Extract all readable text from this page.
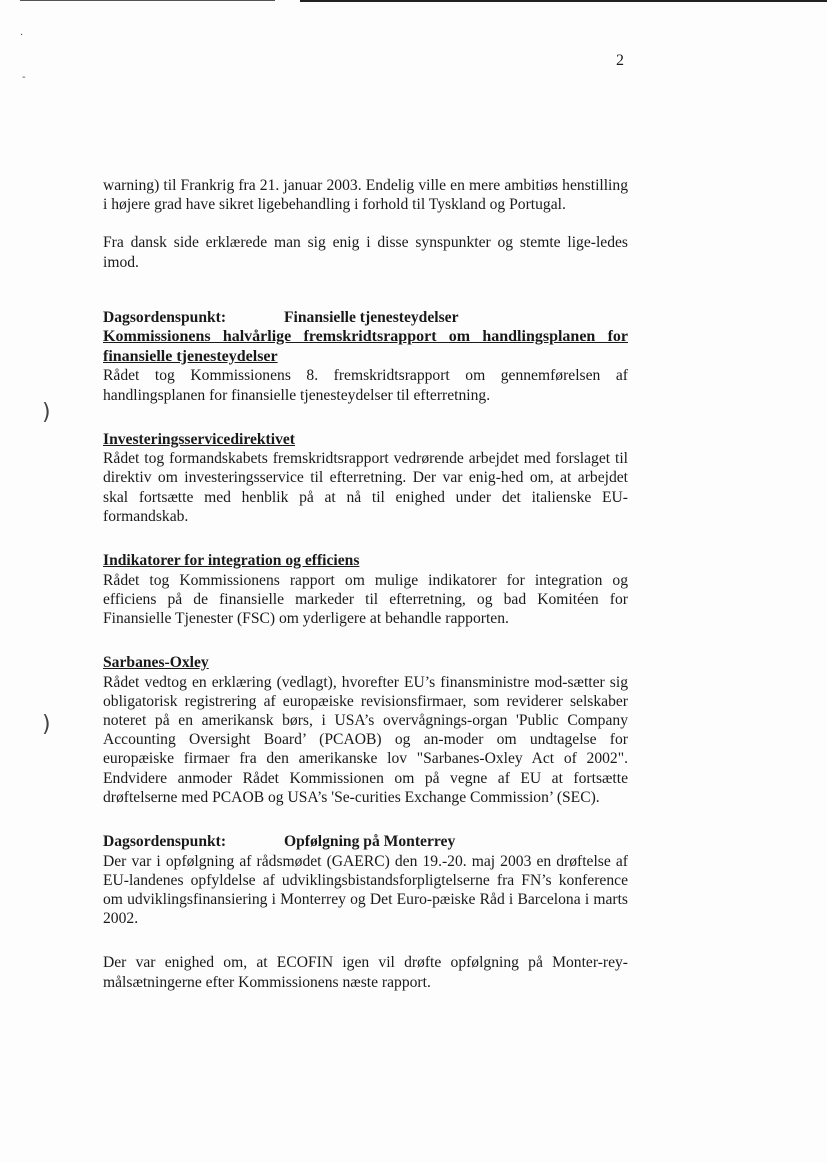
·
-
)
)
2

warning) til Frankrig fra 21. januar 2003. Endelig ville en mere ambitiøs henstilling i højere grad have sikret ligebehandling i forhold til Tyskland og Portugal.

Fra dansk side erklærede man sig enig i disse synspunkter og stemte lige-ledes imod.

Dagsordenspunkt:	Finansielle tjenesteydelser

Kommissionens halvårlige fremskridtsrapport om handlingsplanen for finansielle tjenesteydelser

Rådet tog Kommissionens 8. fremskridtsrapport om gennemførelsen af handlingsplanen for finansielle tjenesteydelser til efterretning.

Investeringsservicedirektivet

Rådet tog formandskabets fremskridtsrapport vedrørende arbejdet med forslaget til direktiv om investeringsservice til efterretning. Der var enig-hed om, at arbejdet skal fortsætte med henblik på at nå til enighed under det italienske EU-formandskab.

Indikatorer for integration og efficiens

Rådet tog Kommissionens rapport om mulige indikatorer for integration og efficiens på de finansielle markeder til efterretning, og bad Komitéen for Finansielle Tjenester (FSC) om yderligere at behandle rapporten.

Sarbanes-Oxley

Rådet vedtog en erklæring (vedlagt), hvorefter EU’s finansministre mod-sætter sig obligatorisk registrering af europæiske revisionsfirmaer, som reviderer selskaber noteret på en amerikansk børs, i USA’s overvågnings-organ 'Public Company Accounting Oversight Board’ (PCAOB) og an-moder om undtagelse for europæiske firmaer fra den amerikanske lov "Sarbanes-Oxley Act of 2002". Endvidere anmoder Rådet Kommissionen om på vegne af EU at fortsætte drøftelserne med PCAOB og USA’s 'Se-curities Exchange Commission’ (SEC).

Dagsordenspunkt:	Opfølgning på Monterrey

Der var i opfølgning af rådsmødet (GAERC) den 19.-20. maj 2003 en drøftelse af EU-landenes opfyldelse af udviklingsbistandsforpligtelserne fra FN’s konference om udviklingsfinansiering i Monterrey og Det Euro-pæiske Råd i Barcelona i marts 2002.

Der var enighed om, at ECOFIN igen vil drøfte opfølgning på Monter-rey-målsætningerne efter Kommissionens næste rapport.
